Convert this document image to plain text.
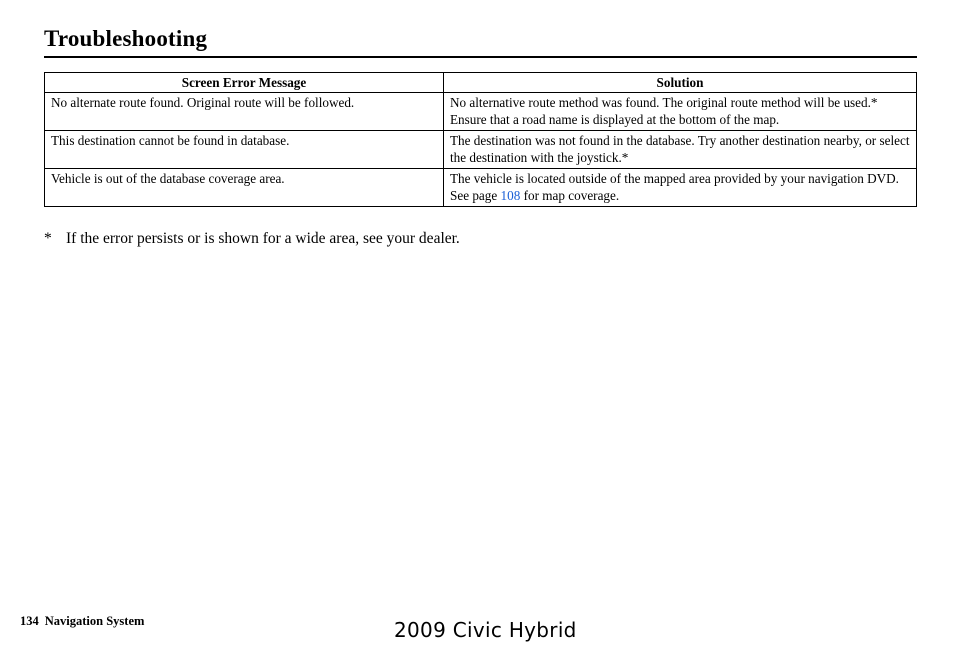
Troubleshooting
Screen Error Message	Solution
No alternate route found. Original route will be followed.	No alternative route method was found. The original route method will be used.*
Ensure that a road name is displayed at the bottom of the map.

This destination cannot be found in database.	The destination was not found in the database. Try another destination nearby, or select the destination with the joystick.*

Vehicle is out of the database coverage area.	The vehicle is located outside of the mapped area provided by your navigation DVD. See page 108 for map coverage.
* If the error persists or is shown for a wide area, see your dealer.
134 Navigation System	2009 Civic Hybrid
